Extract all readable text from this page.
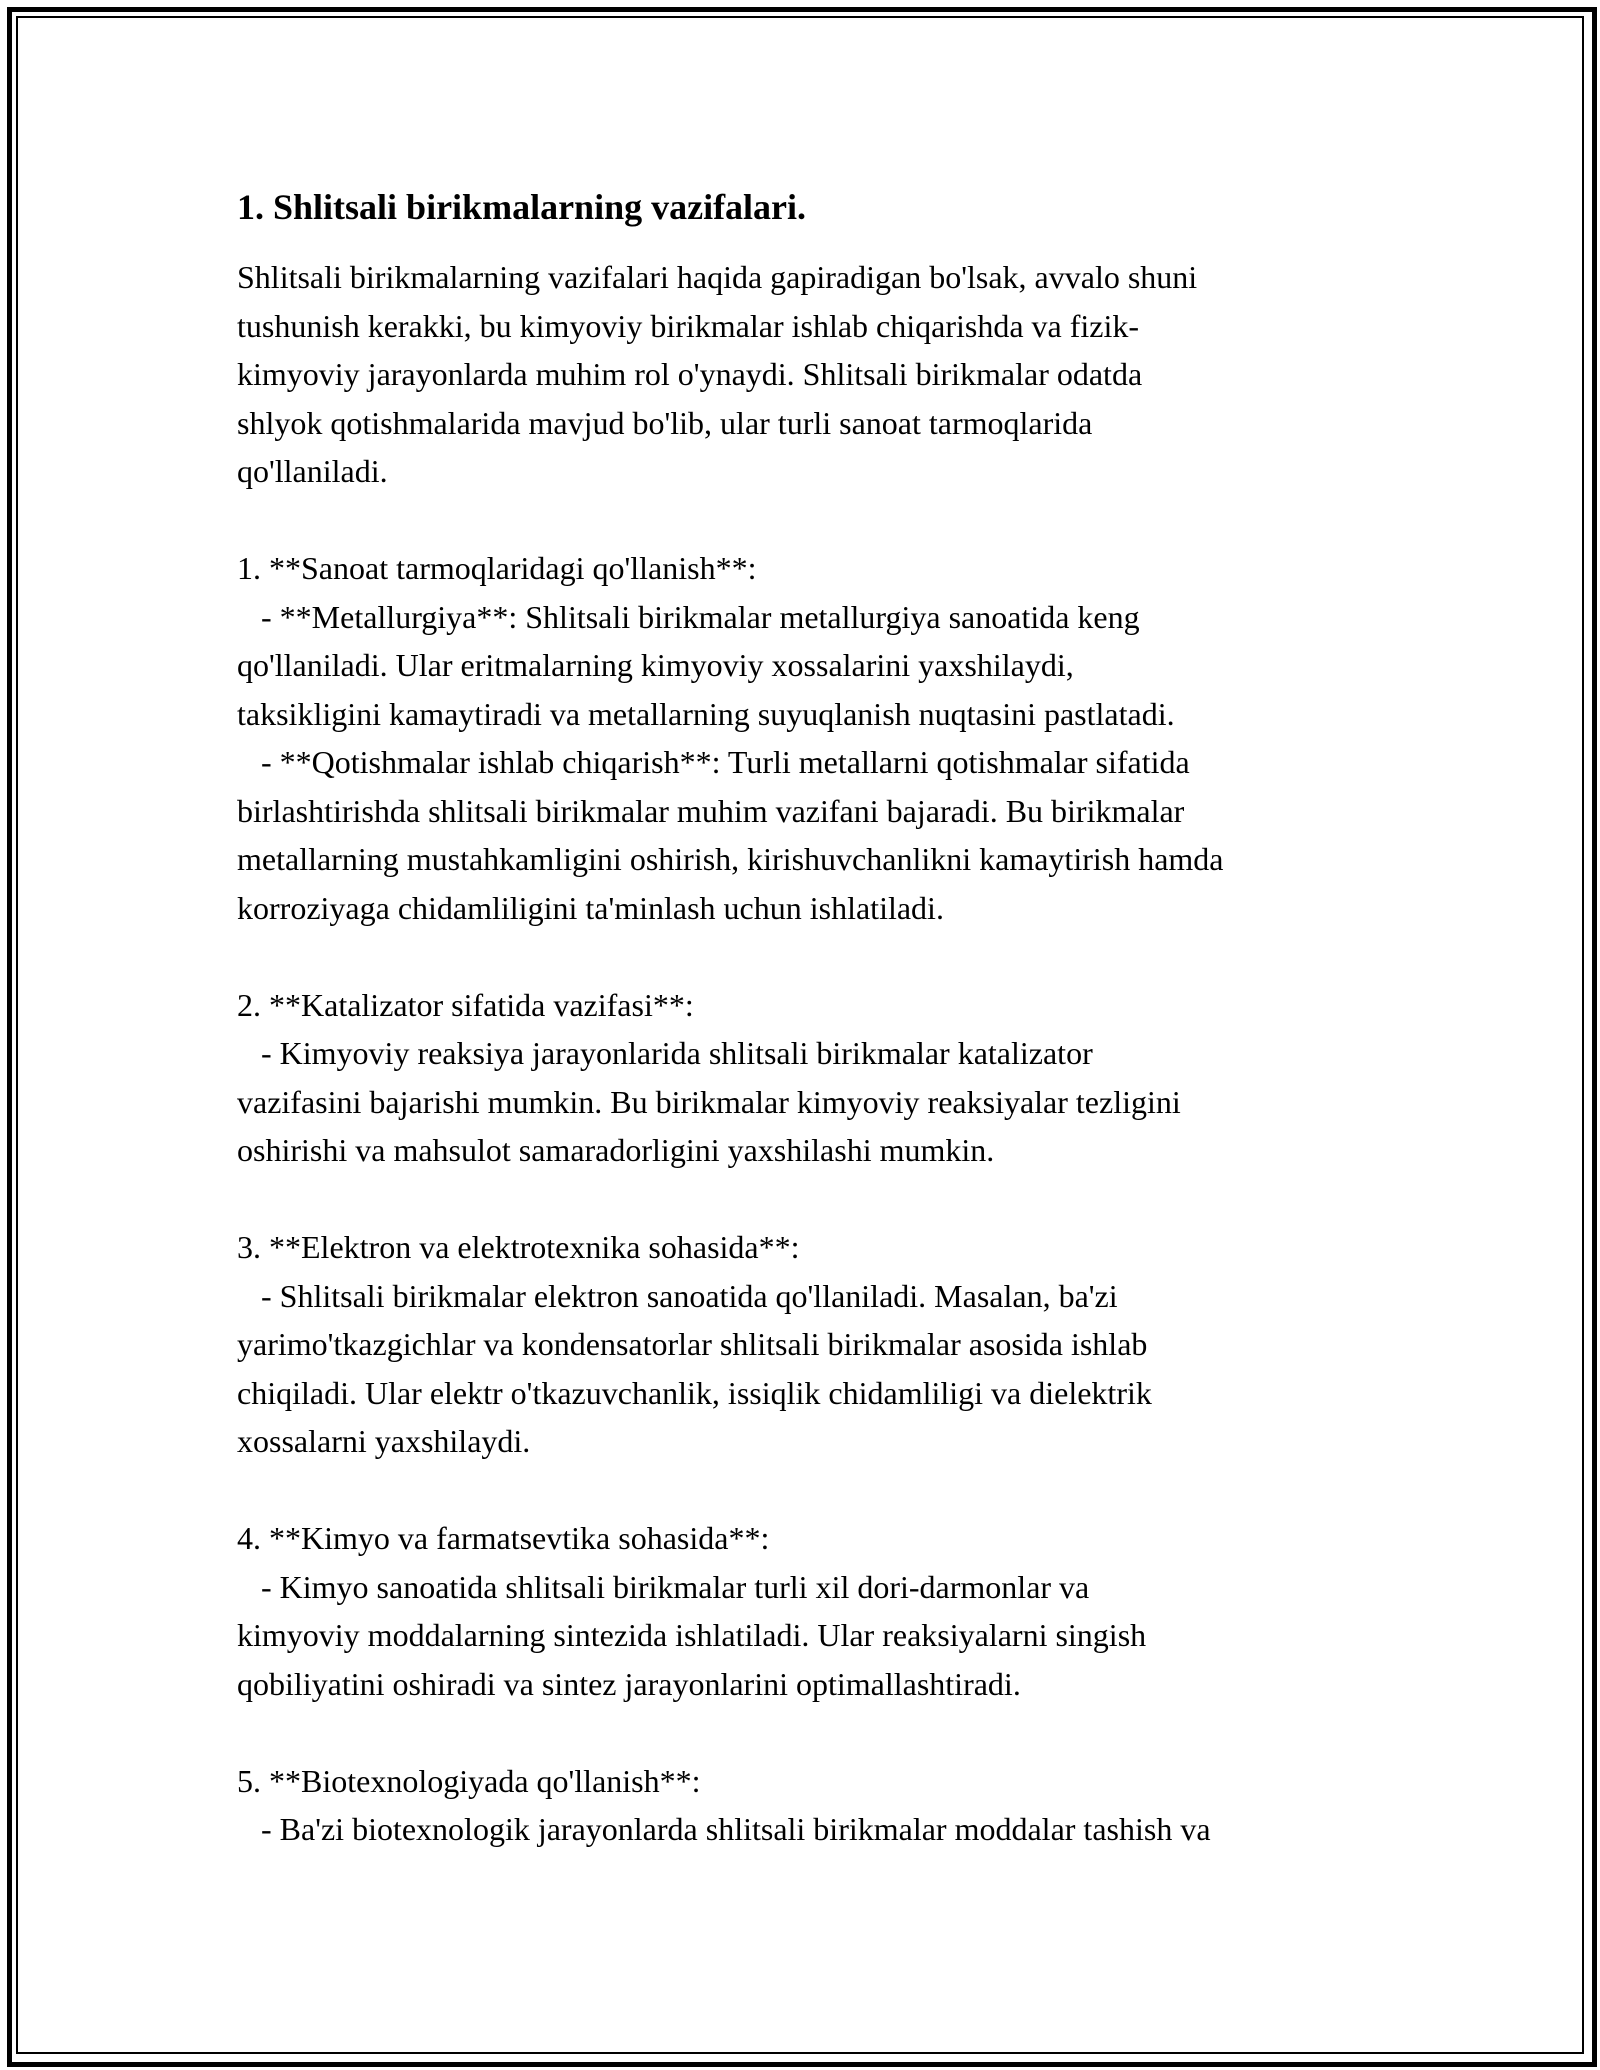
1. Shlitsali birikmalarning vazifalari.

Shlitsali birikmalarning vazifalari haqida gapiradigan bo'lsak, avvalo shuni
tushunish kerakki, bu kimyoviy birikmalar ishlab chiqarishda va fizik-
kimyoviy jarayonlarda muhim rol o'ynaydi. Shlitsali birikmalar odatda
shlyok qotishmalarida mavjud bo'lib, ular turli sanoat tarmoqlarida
qo'llaniladi.

1. **Sanoat tarmoqlaridagi qo'llanish**:
- **Metallurgiya**: Shlitsali birikmalar metallurgiya sanoatida keng
qo'llaniladi. Ular eritmalarning kimyoviy xossalarini yaxshilaydi,
taksikligini kamaytiradi va metallarning suyuqlanish nuqtasini pastlatadi.
- **Qotishmalar ishlab chiqarish**: Turli metallarni qotishmalar sifatida
birlashtirishda shlitsali birikmalar muhim vazifani bajaradi. Bu birikmalar
metallarning mustahkamligini oshirish, kirishuvchanlikni kamaytirish hamda
korroziyaga chidamliligini ta'minlash uchun ishlatiladi.

2. **Katalizator sifatida vazifasi**:
- Kimyoviy reaksiya jarayonlarida shlitsali birikmalar katalizator
vazifasini bajarishi mumkin. Bu birikmalar kimyoviy reaksiyalar tezligini
oshirishi va mahsulot samaradorligini yaxshilashi mumkin.

3. **Elektron va elektrotexnika sohasida**:
- Shlitsali birikmalar elektron sanoatida qo'llaniladi. Masalan, ba'zi
yarimo'tkazgichlar va kondensatorlar shlitsali birikmalar asosida ishlab
chiqiladi. Ular elektr o'tkazuvchanlik, issiqlik chidamliligi va dielektrik
xossalarni yaxshilaydi.

4. **Kimyo va farmatsevtika sohasida**:
- Kimyo sanoatida shlitsali birikmalar turli xil dori-darmonlar va
kimyoviy moddalarning sintezida ishlatiladi. Ular reaksiyalarni singish
qobiliyatini oshiradi va sintez jarayonlarini optimallashtiradi.

5. **Biotexnologiyada qo'llanish**:
- Ba'zi biotexnologik jarayonlarda shlitsali birikmalar moddalar tashish va
